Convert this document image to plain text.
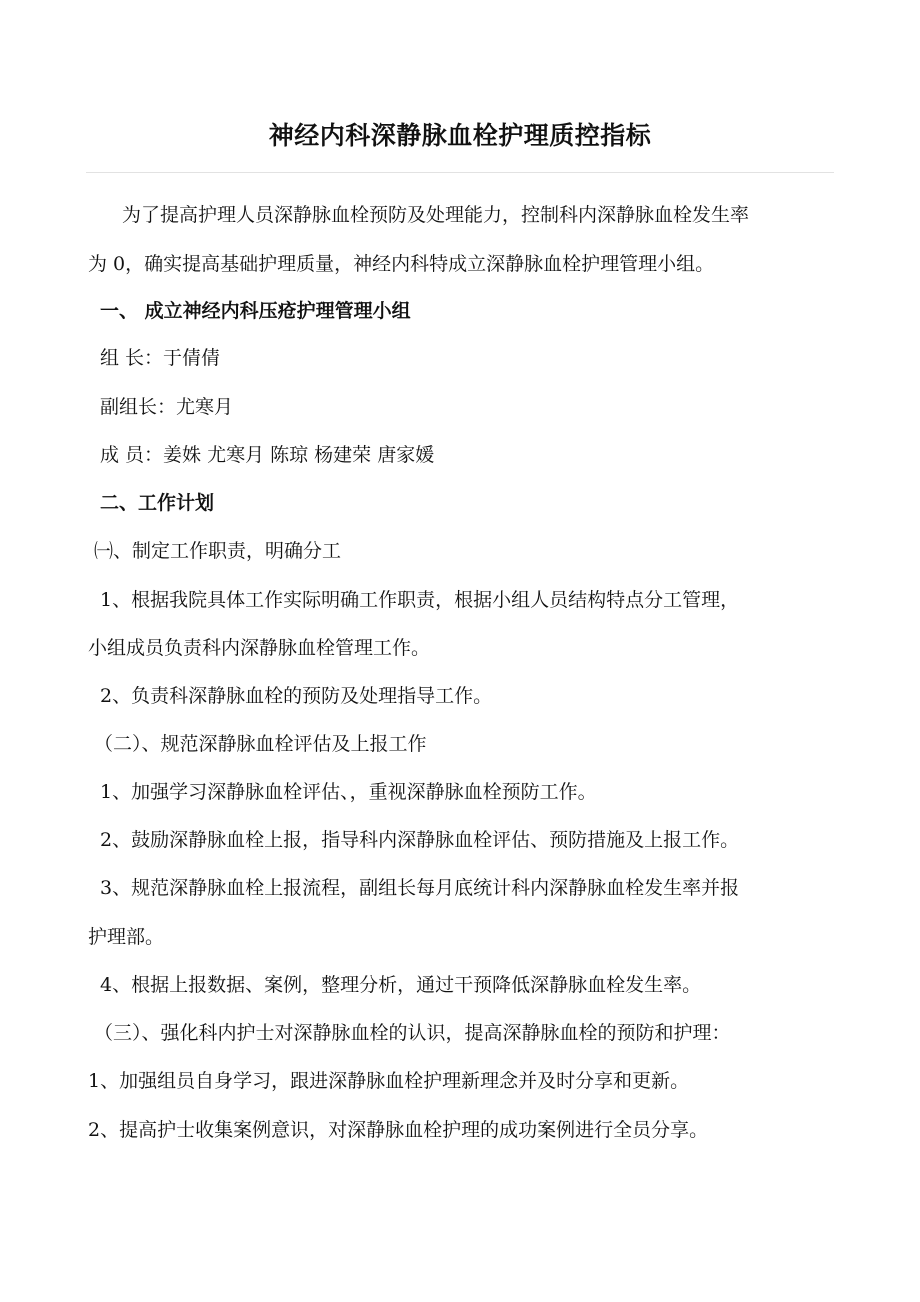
神经内科深静脉血栓护理质控指标

为了提高护理人员深静脉血栓预防及处理能力，控制科内深静脉血栓发生率

为 0，确实提高基础护理质量，神经内科特成立深静脉血栓护理管理小组。

一、 成立神经内科压疮护理管理小组

组 长：于倩倩

副组长：尤寒月

成 员：姜姝 尤寒月 陈琼 杨建荣 唐家媛

二、工作计划

㈠、制定工作职责，明确分工

1、根据我院具体工作实际明确工作职责，根据小组人员结构特点分工管理，

小组成员负责科内深静脉血栓管理工作。

2、负责科深静脉血栓的预防及处理指导工作。

（二）、规范深静脉血栓评估及上报工作

1、加强学习深静脉血栓评估、，重视深静脉血栓预防工作。

2、鼓励深静脉血栓上报，指导科内深静脉血栓评估、预防措施及上报工作。

3、规范深静脉血栓上报流程，副组长每月底统计科内深静脉血栓发生率并报

护理部。

4、根据上报数据、案例，整理分析，通过干预降低深静脉血栓发生率。

（三）、强化科内护士对深静脉血栓的认识，提高深静脉血栓的预防和护理：

1、加强组员自身学习，跟进深静脉血栓护理新理念并及时分享和更新。

2、提高护士收集案例意识，对深静脉血栓护理的成功案例进行全员分享。
